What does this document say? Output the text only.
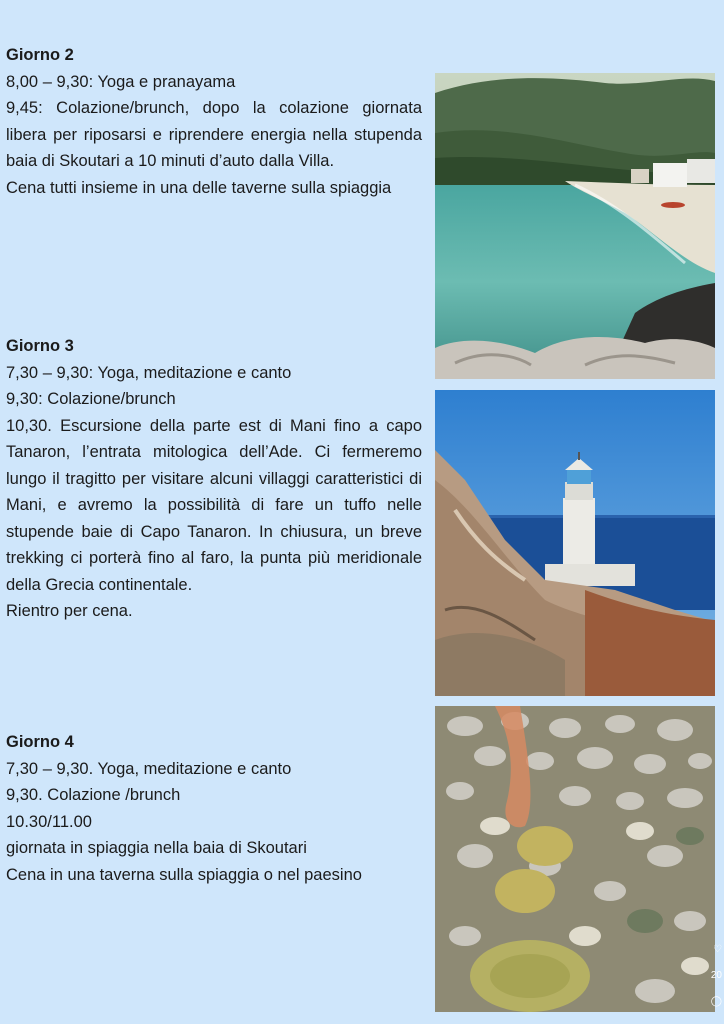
Giorno 2

8,00 – 9,30: Yoga e pranayama

9,45: Colazione/brunch, dopo la colazione giornata libera per riposarsi e riprendere energia nella stupenda baia di Skoutari a 10 minuti d’auto dalla Villa.

Cena tutti insieme in una delle taverne sulla spiaggia

Giorno 3

7,30 – 9,30: Yoga, meditazione e canto

9,30: Colazione/brunch

10,30. Escursione della parte est di Mani fino a capo Tanaron, l’entrata mitologica dell’Ade. Ci fermeremo lungo il tragitto per visitare alcuni villaggi caratteristici di Mani, e avremo la possibilità di fare un tuffo nelle stupende baie di Capo Tanaron. In chiusura, un breve trekking ci porterà fino al faro, la punta più meridionale della Grecia continentale.

Rientro per cena.

Giorno 4

7,30 – 9,30. Yoga, meditazione e canto

9,30. Colazione /brunch

10.30/11.00

giornata in spiaggia nella baia di Skoutari

Cena in una taverna sulla spiaggia o nel paesino

♡
20
◯
